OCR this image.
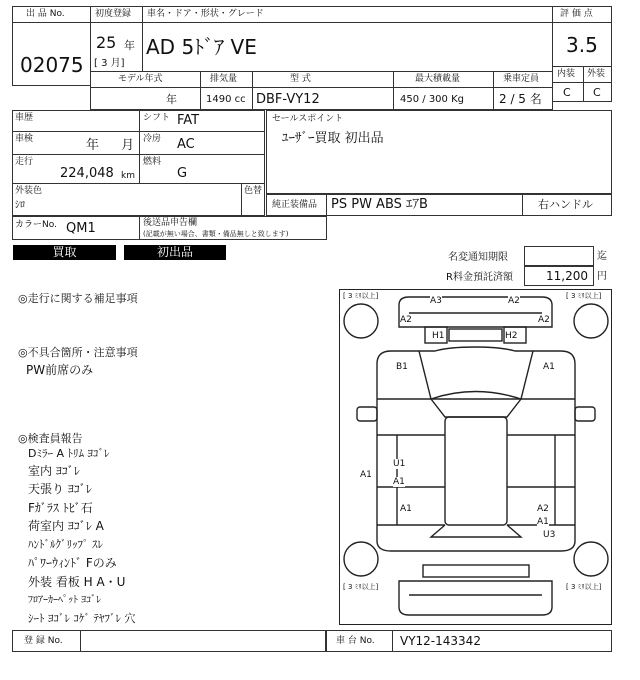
出 品 No.
02075
初度登録
25 年
[ 3 月]
車名・ドア・形状・グレード
AD 5ﾄﾞｱ VE
評 価 点
3.5
内装 外装
C C
モデル年式
年
排気量
1490 cc
型 式
DBF-VY12
最大積載量
450 / 300 Kg
乗車定員
2 / 5 名
車歴	シフト FAT
車検	年 月 冷房 AC
走行
224,048 km
燃料
G
外装色
ｼﾛ
色替
セールスポイント
ﾕｰｻﾞｰ買取 初出品
純正装備品 PS PW ABS ｴｱB	右ハンドル
カラーNo. QM1	後送品申告欄
(記載が無い場合、書類・備品無しと致します)
買取	初出品	名変通知期限	迄
R料金預託済額	11,200 円
◎走行に関する補足事項
◎不具合箇所・注意事項
PW前席のみ
◎検査員報告
Dﾐﾗｰ A ﾄﾘﾑ ﾖｺﾞﾚ
室内 ﾖｺﾞﾚ
天張り ﾖｺﾞﾚ
Fｶﾞﾗｽ ﾄﾋﾞ石
荷室内 ﾖｺﾞﾚ A
ﾊﾝﾄﾞﾙｸﾞﾘｯﾌﾟ ｽﾚ
ﾊﾟﾜｰｳｨﾝﾄﾞ Fのみ
外装 看板 H A・U
ﾌﾛｱｰｶｰﾍﾟｯﾄ ﾖｺﾞﾚ
ｼｰﾄ ﾖｺﾞﾚ ｺｹﾞ ﾃﾔﾌﾞﾚ 穴
[ 3 ﾐﾘ以上]	[ 3 ﾐﾘ以上]
[ 3 ﾐﾘ以上]	[ 3 ﾐﾘ以上]
A3	A2
A2	A2
H1	H2
B1	A1
U1
A1
A1
A1	A2
A1
U3
登 録 No.	車 台 No. VY12-143342
